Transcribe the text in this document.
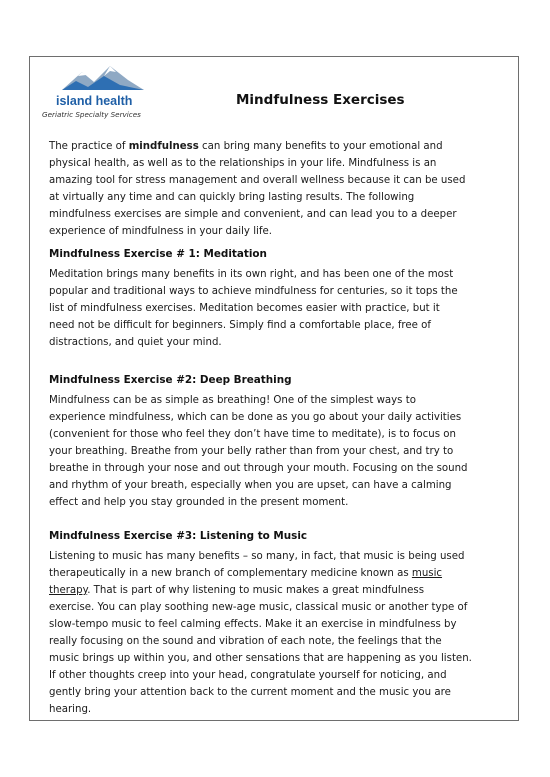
island health
Geriatric Specialty Services
Mindfulness Exercises
The practice of mindfulness can bring many benefits to your emotional and
physical health, as well as to the relationships in your life. Mindfulness is an
amazing tool for stress management and overall wellness because it can be used
at virtually any time and can quickly bring lasting results. The following
mindfulness exercises are simple and convenient, and can lead you to a deeper
experience of mindfulness in your daily life.
Mindfulness Exercise # 1: Meditation
Meditation brings many benefits in its own right, and has been one of the most
popular and traditional ways to achieve mindfulness for centuries, so it tops the
list of mindfulness exercises. Meditation becomes easier with practice, but it
need not be difficult for beginners. Simply find a comfortable place, free of
distractions, and quiet your mind.
Mindfulness Exercise #2: Deep Breathing
Mindfulness can be as simple as breathing! One of the simplest ways to
experience mindfulness, which can be done as you go about your daily activities
(convenient for those who feel they don’t have time to meditate), is to focus on
your breathing. Breathe from your belly rather than from your chest, and try to
breathe in through your nose and out through your mouth. Focusing on the sound
and rhythm of your breath, especially when you are upset, can have a calming
effect and help you stay grounded in the present moment.
Mindfulness Exercise #3: Listening to Music
Listening to music has many benefits – so many, in fact, that music is being used
therapeutically in a new branch of complementary medicine known as music
therapy. That is part of why listening to music makes a great mindfulness
exercise. You can play soothing new-age music, classical music or another type of
slow-tempo music to feel calming effects. Make it an exercise in mindfulness by
really focusing on the sound and vibration of each note, the feelings that the
music brings up within you, and other sensations that are happening as you listen.
If other thoughts creep into your head, congratulate yourself for noticing, and
gently bring your attention back to the current moment and the music you are
hearing.
